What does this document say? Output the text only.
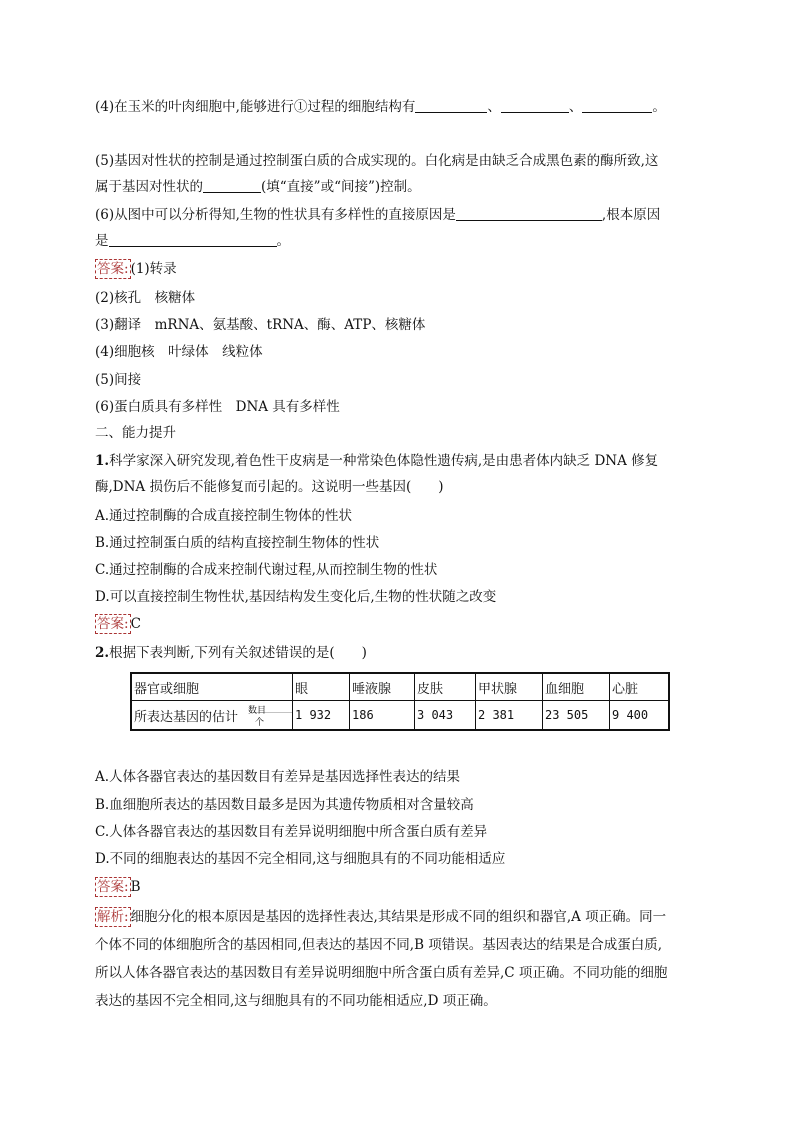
(4)在玉米的叶肉细胞中,能够进行①过程的细胞结构有	、	、	。
(5)基因对性状的控制是通过控制蛋白质的合成实现的。白化病是由缺乏合成黑色素的酶所致,这
属于基因对性状的	(填“直接”或“间接”)控制。
(6)从图中可以分析得知,生物的性状具有多样性的直接原因是	,根本原因
是	。
答案: (1)转录
(2)核孔　核糖体
(3)翻译　mRNA、氨基酸、tRNA、酶、ATP、核糖体
(4)细胞核　叶绿体　线粒体
(5)间接
(6)蛋白质具有多样性　DNA 具有多样性
二、能力提升
1.科学家深入研究发现,着色性干皮病是一种常染色体隐性遗传病,是由患者体内缺乏 DNA 修复
酶,DNA 损伤后不能修复而引起的。这说明一些基因(　　)
A.通过控制酶的合成直接控制生物体的性状
B.通过控制蛋白质的结构直接控制生物体的性状
C.通过控制酶的合成来控制代谢过程,从而控制生物的性状
D.可以直接控制生物性状,基因结构发生变化后,生物的性状随之改变
答案: C
2.根据下表判断,下列有关叙述错误的是(　　)
器官或细胞	眼	唾液腺	皮肤	甲状腺	血细胞	心脏
所表达基因的估计 数目
个	1 932	186	3 043	2 381	23 505	9 400
A.人体各器官表达的基因数目有差异是基因选择性表达的结果
B.血细胞所表达的基因数目最多是因为其遗传物质相对含量较高
C.人体各器官表达的基因数目有差异说明细胞中所含蛋白质有差异
D.不同的细胞表达的基因不完全相同,这与细胞具有的不同功能相适应
答案: B
解析: 细胞分化的根本原因是基因的选择性表达,其结果是形成不同的组织和器官,A 项正确。同一
个体不同的体细胞所含的基因相同,但表达的基因不同,B 项错误。基因表达的结果是合成蛋白质,
所以人体各器官表达的基因数目有差异说明细胞中所含蛋白质有差异,C 项正确。不同功能的细胞
表达的基因不完全相同,这与细胞具有的不同功能相适应,D 项正确。
